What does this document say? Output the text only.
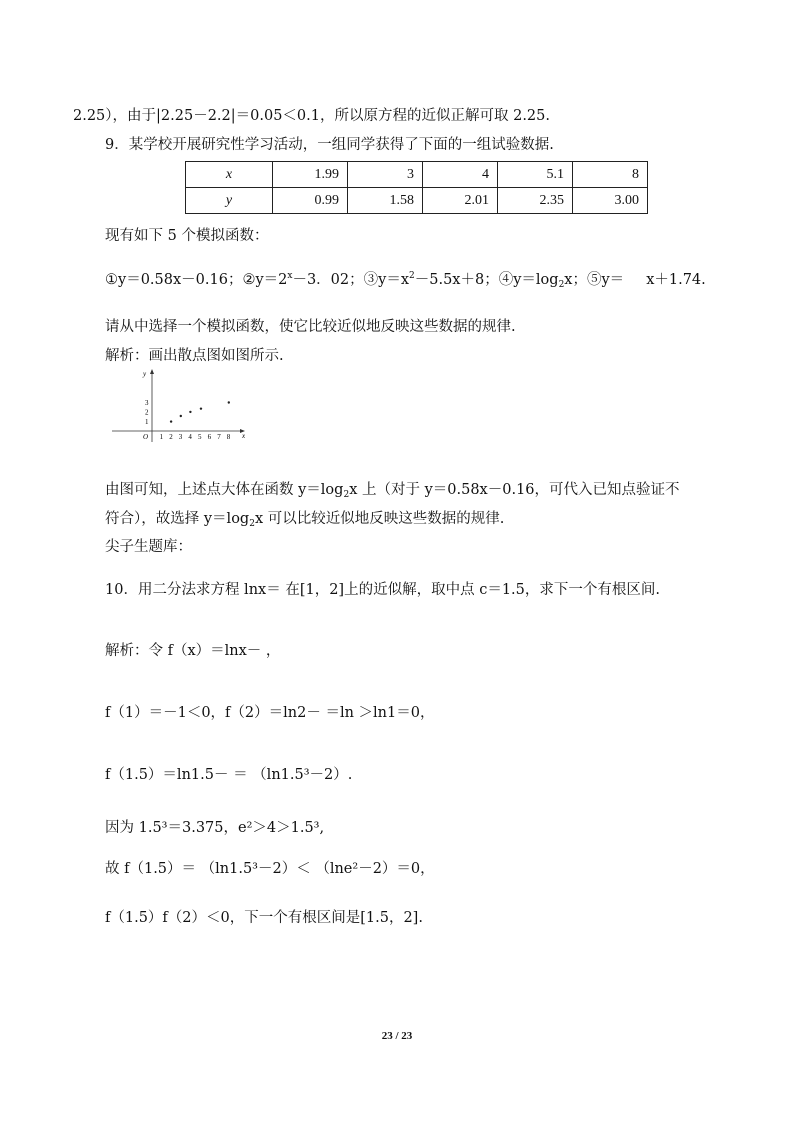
2.25），由于|2.25－2.2|＝0.05＜0.1，所以原方程的近似正解可取 2.25.
9．某学校开展研究性学习活动，一组同学获得了下面的一组试验数据.
x	1.99	3	4	5.1	8
y	0.99	1.58	2.01	2.35	3.00
现有如下 5 个模拟函数：
①y＝0.58x－0.16；$②y=2^x-3$．02；$③y=x^2-5.5x+8$；$④y=\log_2x$；⑤y＝ x＋1.74.
请从中选择一个模拟函数，使它比较近似地反映这些数据的规律.
解析：画出散点图如图所示.
x
y
O 1 2 3 4 5 6 7 8
1
2
3
由图可知，上述点大体在函数 $y=\log_2x$ 上（对于 y＝0.58x－0.16，可代入已知点验证不
符合），故选择 $y=\log_2x$ 可以比较近似地反映这些数据的规律.
尖子生题库：
10．用二分法求方程 lnx＝ 在[1，2]上的近似解，取中点 c＝1.5，求下一个有根区间.
解析：令 f（x）＝lnx－ ，
f（1）＝－1＜0，f（2）＝ln2－ ＝ln ＞ln1＝0，
f（1.5）＝ln1.5－ ＝ （ln1.5³－2）.
因为 1.5³＝3.375，e²＞4＞1.5³,
故 f（1.5）＝ （ln1.5³－2）＜ （lne²－2）＝0，
f（1.5）f（2）＜0，下一个有根区间是[1.5，2].
23 / 23
